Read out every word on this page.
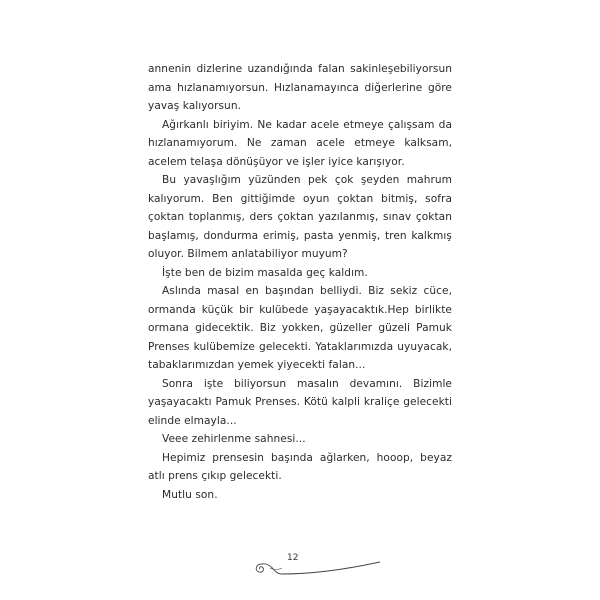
annenin dizlerine uzandığında falan sakinleşebiliyorsun ama hızlanamıyorsun. Hızlanamayınca diğerlerine göre yavaş kalıyorsun.

Ağırkanlı biriyim. Ne kadar acele etmeye çalışsam da hızlanamıyorum. Ne zaman acele etmeye kalksam, acelem telaşa dönüşüyor ve işler iyice karışıyor.

Bu yavaşlığım yüzünden pek çok şeyden mahrum kalıyorum. Ben gittiğimde oyun çoktan bitmiş, sofra çoktan toplanmış, ders çoktan yazılanmış, sınav çoktan başlamış, dondurma erimiş, pasta yenmiş, tren kalkmış oluyor. Bilmem anlatabiliyor muyum?

İşte ben de bizim masalda geç kaldım.

Aslında masal en başından belliydi. Biz sekiz cüce, ormanda küçük bir kulübede yaşayacaktık.Hep birlikte ormana gidecektik. Biz yokken, güzeller güzeli Pamuk Prenses kulübemize gelecekti. Yataklarımızda uyuyacak, tabaklarımızdan yemek yiyecekti falan...

Sonra işte biliyorsun masalın devamını. Bizimle yaşayacaktı Pamuk Prenses. Kötü kalpli kraliçe gelecekti elinde elmayla...

Veee zehirlenme sahnesi...

Hepimiz prensesin başında ağlarken, hooop, beyaz atlı prens çıkıp gelecekti.

Mutlu son.

12
